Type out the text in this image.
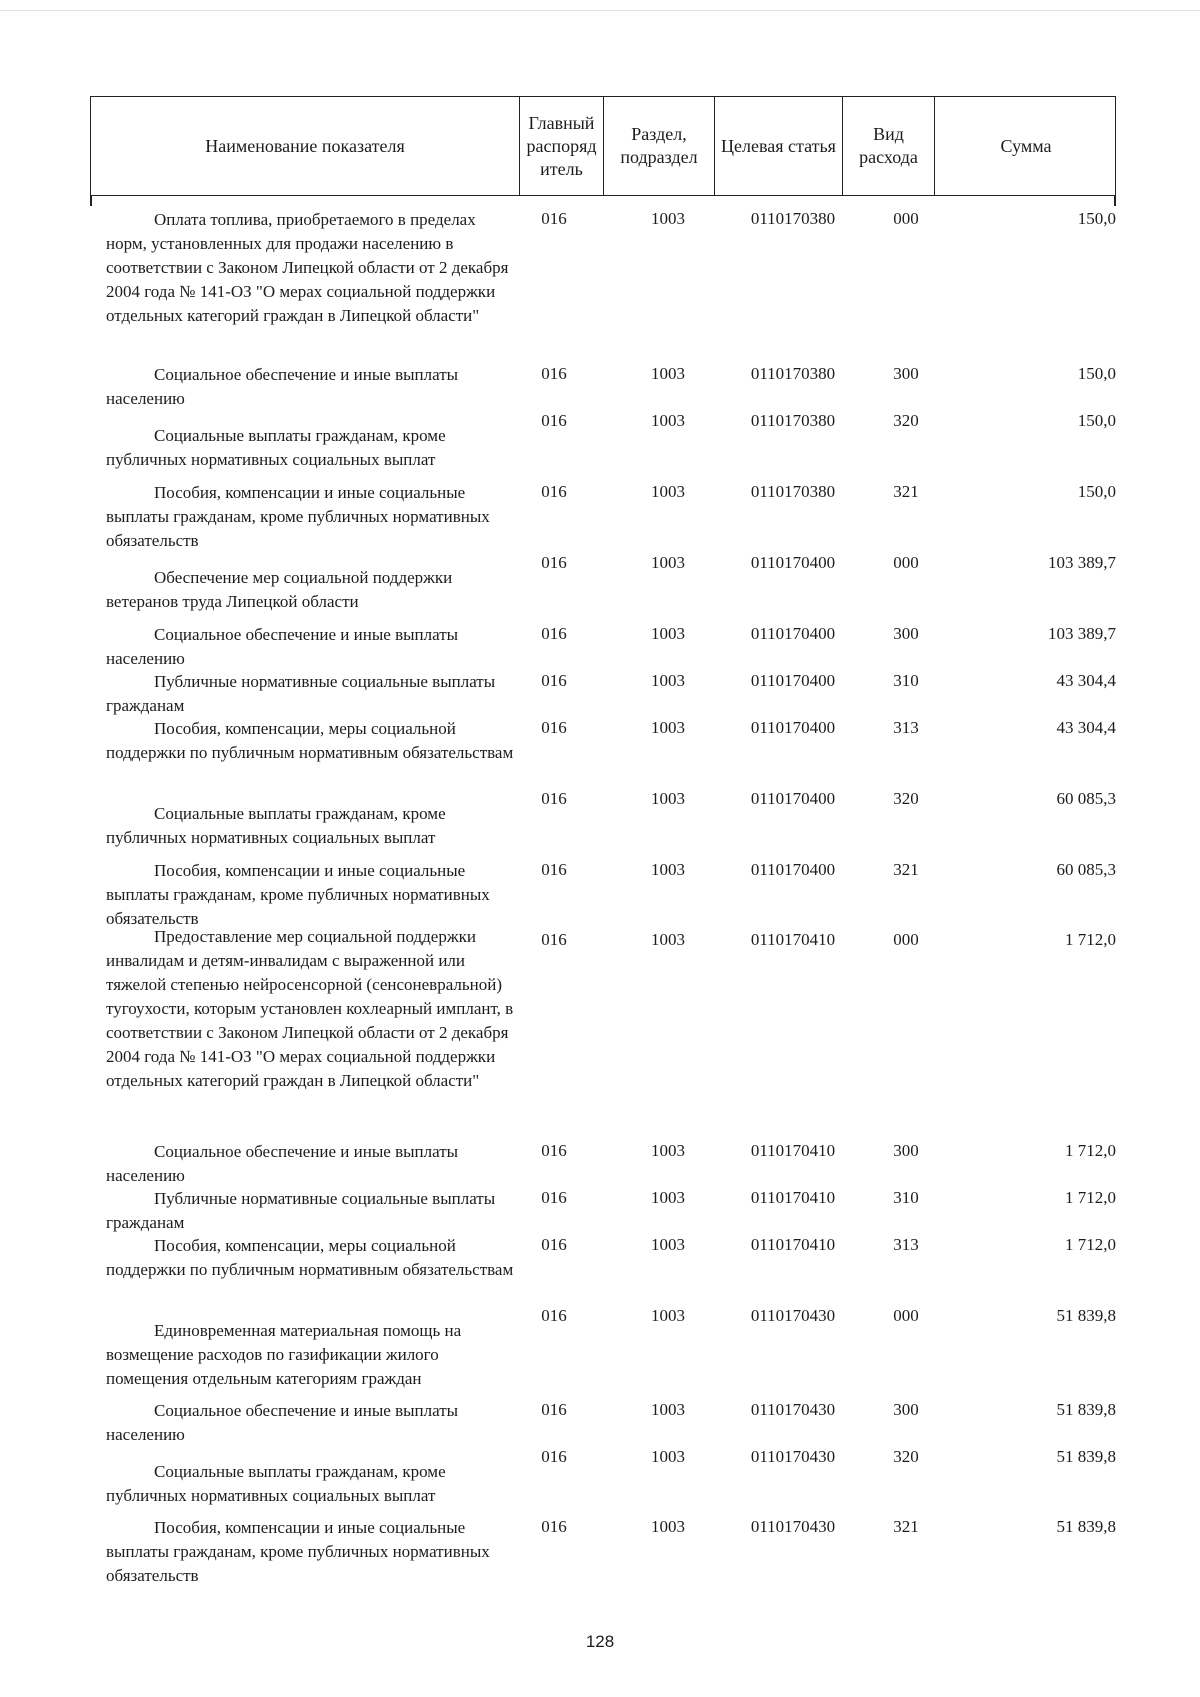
Наименование показателя
Главный распоряд итель
Раздел, подраздел
Целевая статья
Вид расхода
Сумма
Оплата топлива, приобретаемого в пределах норм, установленных для продажи населению в соответствии с Законом Липецкой области от 2 декабря 2004 года № 141-ОЗ "О мерах социальной поддержки отдельных категорий граждан в Липецкой области"
016	1003	0110170380	000	150,0
Социальное обеспечение и иные выплаты населению
016	1003	0110170380	300	150,0
Социальные выплаты гражданам, кроме публичных нормативных социальных выплат
016	1003	0110170380	320	150,0
Пособия, компенсации и иные социальные выплаты гражданам, кроме публичных нормативных обязательств
016	1003	0110170380	321	150,0
Обеспечение мер социальной поддержки ветеранов труда Липецкой области
016	1003	0110170400	000	103 389,7
Социальное обеспечение и иные выплаты населению
016	1003	0110170400	300	103 389,7
Публичные нормативные социальные выплаты гражданам
016	1003	0110170400	310	43 304,4
Пособия, компенсации, меры социальной поддержки по публичным нормативным обязательствам
016	1003	0110170400	313	43 304,4
Социальные выплаты гражданам, кроме публичных нормативных социальных выплат
016	1003	0110170400	320	60 085,3
Пособия, компенсации и иные социальные выплаты гражданам, кроме публичных нормативных обязательств
016	1003	0110170400	321	60 085,3
Предоставление мер социальной поддержки инвалидам и детям-инвалидам с выраженной или тяжелой степенью нейросенсорной (сенсоневральной) тугоухости, которым установлен кохлеарный имплант, в соответствии с Законом Липецкой области от 2 декабря 2004 года № 141-ОЗ "О мерах социальной поддержки отдельных категорий граждан в Липецкой области"
016	1003	0110170410	000	1 712,0
Социальное обеспечение и иные выплаты населению
016	1003	0110170410	300	1 712,0
Публичные нормативные социальные выплаты гражданам
016	1003	0110170410	310	1 712,0
Пособия, компенсации, меры социальной поддержки по публичным нормативным обязательствам
016	1003	0110170410	313	1 712,0
Единовременная материальная помощь на возмещение расходов по газификации жилого помещения отдельным категориям граждан
016	1003	0110170430	000	51 839,8
Социальное обеспечение и иные выплаты населению
016	1003	0110170430	300	51 839,8
Социальные выплаты гражданам, кроме публичных нормативных социальных выплат
016	1003	0110170430	320	51 839,8
Пособия, компенсации и иные социальные выплаты гражданам, кроме публичных нормативных обязательств
016	1003	0110170430	321	51 839,8
128
